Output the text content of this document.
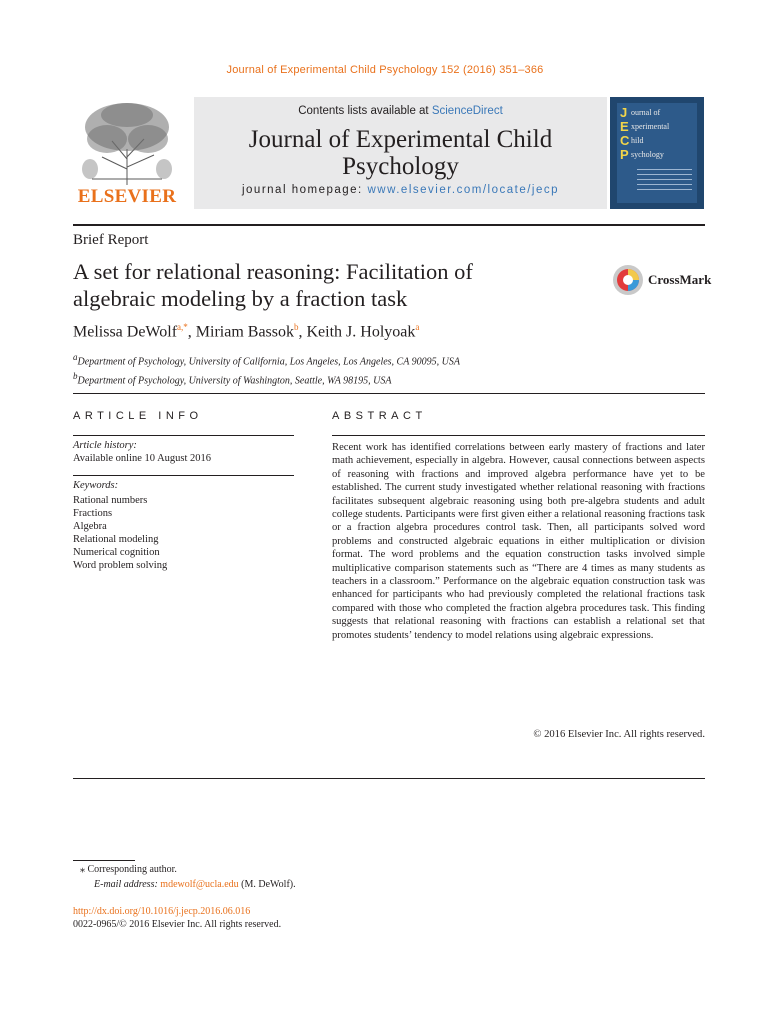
Journal of Experimental Child Psychology 152 (2016) 351–366
ELSEVIER
Contents lists available at ScienceDirect
Journal of Experimental Child
Psychology
journal homepage: www.elsevier.com/locate/jecp
J
E
C
P
ournal of
xperimental
hild
sychology
Brief Report
A set for relational reasoning: Facilitation of
algebraic modeling by a fraction task
CrossMark
Melissa DeWolf$^{a,*}$, Miriam Bassok$^b$, Keith J. Holyoak$^a$
$^a$Department of Psychology, University of California, Los Angeles, Los Angeles, CA 90095, USA
$^b$Department of Psychology, University of Washington, Seattle, WA 98195, USA
ARTICLE INFO	ABSTRACT
Article history:
Available online 10 August 2016
Keywords:
Rational numbers
Fractions
Algebra
Relational modeling
Numerical cognition
Word problem solving
Recent work has identified correlations between early mastery of fractions and later math achievement, especially in algebra. However, causal connections between aspects of reasoning with fractions and improved algebra performance have yet to be established. The current study investigated whether relational reasoning with fractions facilitates subsequent algebraic reasoning using both pre-algebra students and adult college students. Participants were first given either a relational reasoning fractions task or a fraction algebra procedures control task. Then, all participants solved word problems and constructed algebraic equations in either multiplication or division format. The word problems and the equation construction tasks involved simple multiplicative comparison statements such as “There are 4 times as many students as teachers in a classroom.” Performance on the algebraic equation construction task was enhanced for participants who had previously completed the relational fractions task compared with those who completed the fraction algebra procedures task. This finding suggests that relational reasoning with fractions can establish a relational set that promotes students’ tendency to model relations using algebraic expressions.
© 2016 Elsevier Inc. All rights reserved.
⁎ Corresponding author.
E-mail address: mdewolf@ucla.edu (M. DeWolf).
http://dx.doi.org/10.1016/j.jecp.2016.06.016
0022-0965/© 2016 Elsevier Inc. All rights reserved.
